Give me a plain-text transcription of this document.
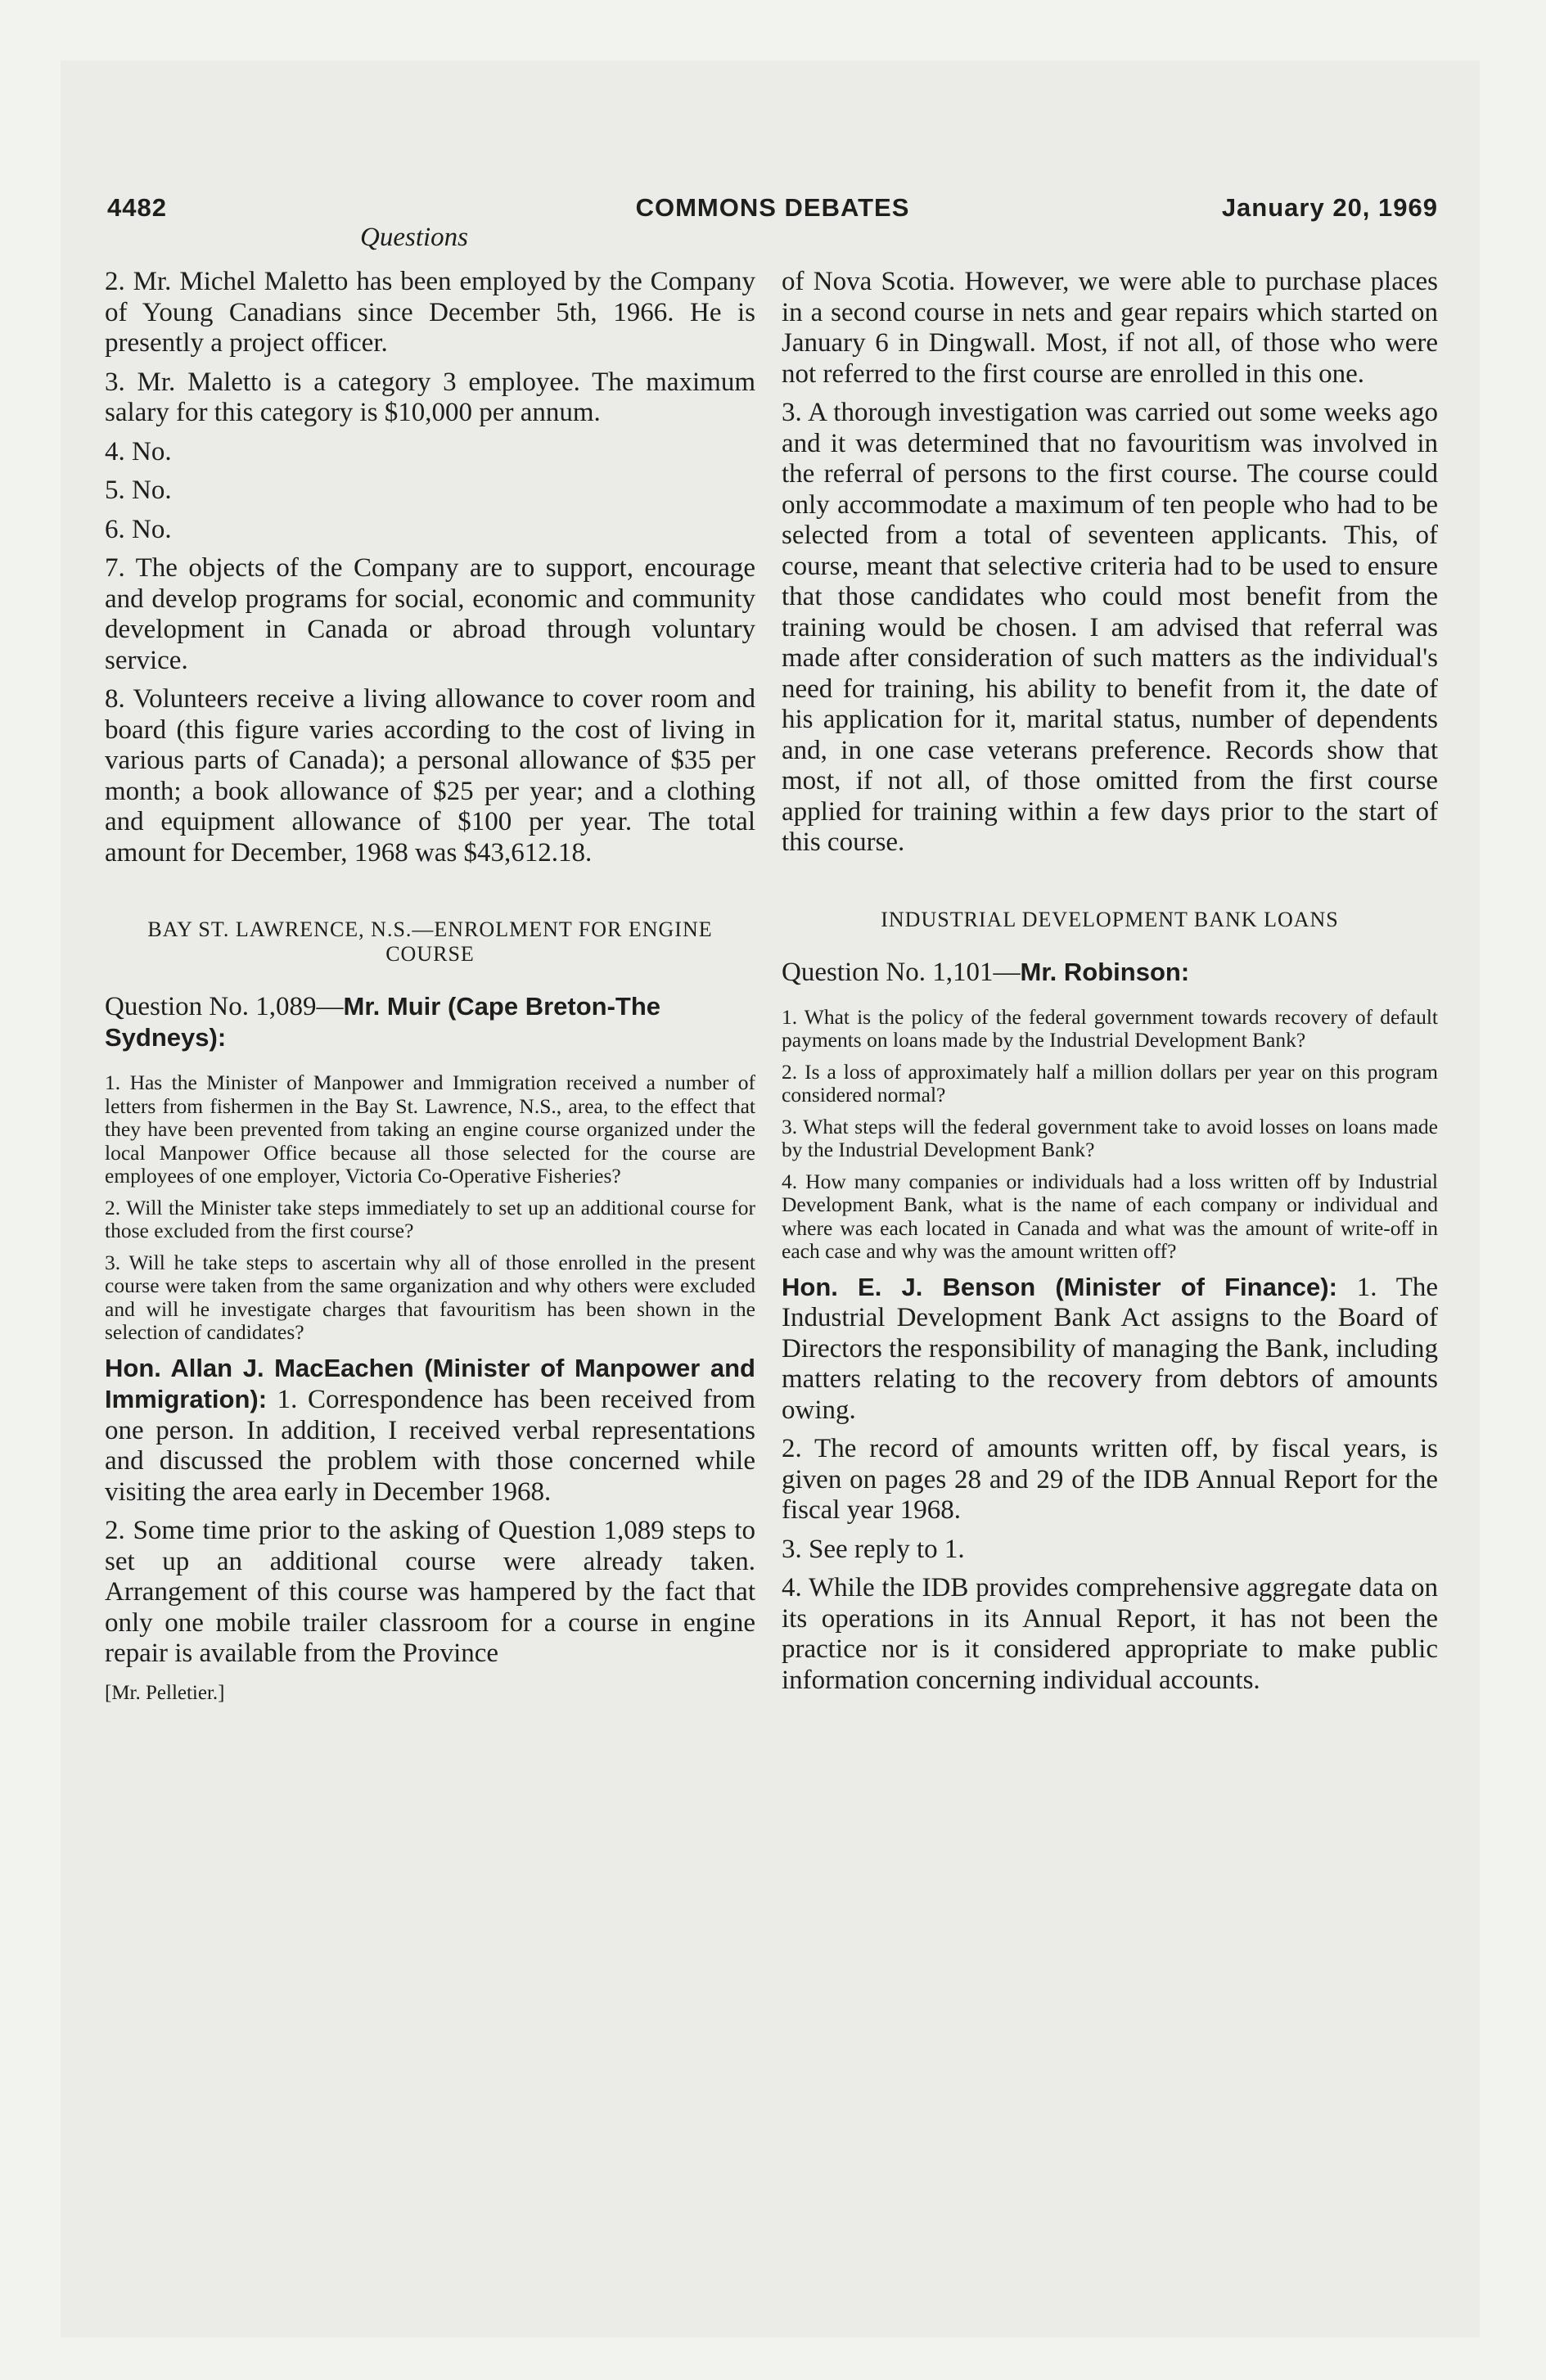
4482	COMMONS DEBATES	January 20, 1969
Questions

2. Mr. Michel Maletto has been employed by the Company of Young Canadians since December 5th, 1966. He is presently a project officer.

3. Mr. Maletto is a category 3 employee. The maximum salary for this category is $10,000 per annum.

4. No.

5. No.

6. No.

7. The objects of the Company are to support, encourage and develop programs for social, economic and community development in Canada or abroad through voluntary service.

8. Volunteers receive a living allowance to cover room and board (this figure varies according to the cost of living in various parts of Canada); a personal allowance of $35 per month; a book allowance of $25 per year; and a clothing and equipment allowance of $100 per year. The total amount for December, 1968 was $43,612.18.

BAY ST. LAWRENCE, N.S.—ENROLMENT FOR ENGINE COURSE
Question No. 1,089—Mr. Muir (Cape Breton-The Sydneys):

1. Has the Minister of Manpower and Immigration received a number of letters from fishermen in the Bay St. Lawrence, N.S., area, to the effect that they have been prevented from taking an engine course organized under the local Manpower Office because all those selected for the course are employees of one employer, Victoria Co-Operative Fisheries?

2. Will the Minister take steps immediately to set up an additional course for those excluded from the first course?

3. Will he take steps to ascertain why all of those enrolled in the present course were taken from the same organization and why others were excluded and will he investigate charges that favouritism has been shown in the selection of candidates?

Hon. Allan J. MacEachen (Minister of Manpower and Immigration): 1. Correspondence has been received from one person. In addition, I received verbal representations and discussed the problem with those concerned while visiting the area early in December 1968.

2. Some time prior to the asking of Question 1,089 steps to set up an additional course were already taken. Arrangement of this course was hampered by the fact that only one mobile trailer classroom for a course in engine repair is available from the Province

[Mr. Pelletier.]

of Nova Scotia. However, we were able to purchase places in a second course in nets and gear repairs which started on January 6 in Dingwall. Most, if not all, of those who were not referred to the first course are enrolled in this one.

3. A thorough investigation was carried out some weeks ago and it was determined that no favouritism was involved in the referral of persons to the first course. The course could only accommodate a maximum of ten people who had to be selected from a total of seventeen applicants. This, of course, meant that selective criteria had to be used to ensure that those candidates who could most benefit from the training would be chosen. I am advised that referral was made after consideration of such matters as the individual's need for training, his ability to benefit from it, the date of his application for it, marital status, number of dependents and, in one case veterans preference. Records show that most, if not all, of those omitted from the first course applied for training within a few days prior to the start of this course.

INDUSTRIAL DEVELOPMENT BANK LOANS
Question No. 1,101—Mr. Robinson:

1. What is the policy of the federal government towards recovery of default payments on loans made by the Industrial Development Bank?

2. Is a loss of approximately half a million dollars per year on this program considered normal?

3. What steps will the federal government take to avoid losses on loans made by the Industrial Development Bank?

4. How many companies or individuals had a loss written off by Industrial Development Bank, what is the name of each company or individual and where was each located in Canada and what was the amount of write-off in each case and why was the amount written off?

Hon. E. J. Benson (Minister of Finance): 1. The Industrial Development Bank Act assigns to the Board of Directors the responsibility of managing the Bank, including matters relating to the recovery from debtors of amounts owing.

2. The record of amounts written off, by fiscal years, is given on pages 28 and 29 of the IDB Annual Report for the fiscal year 1968.

3. See reply to 1.

4. While the IDB provides comprehensive aggregate data on its operations in its Annual Report, it has not been the practice nor is it considered appropriate to make public information concerning individual accounts.
